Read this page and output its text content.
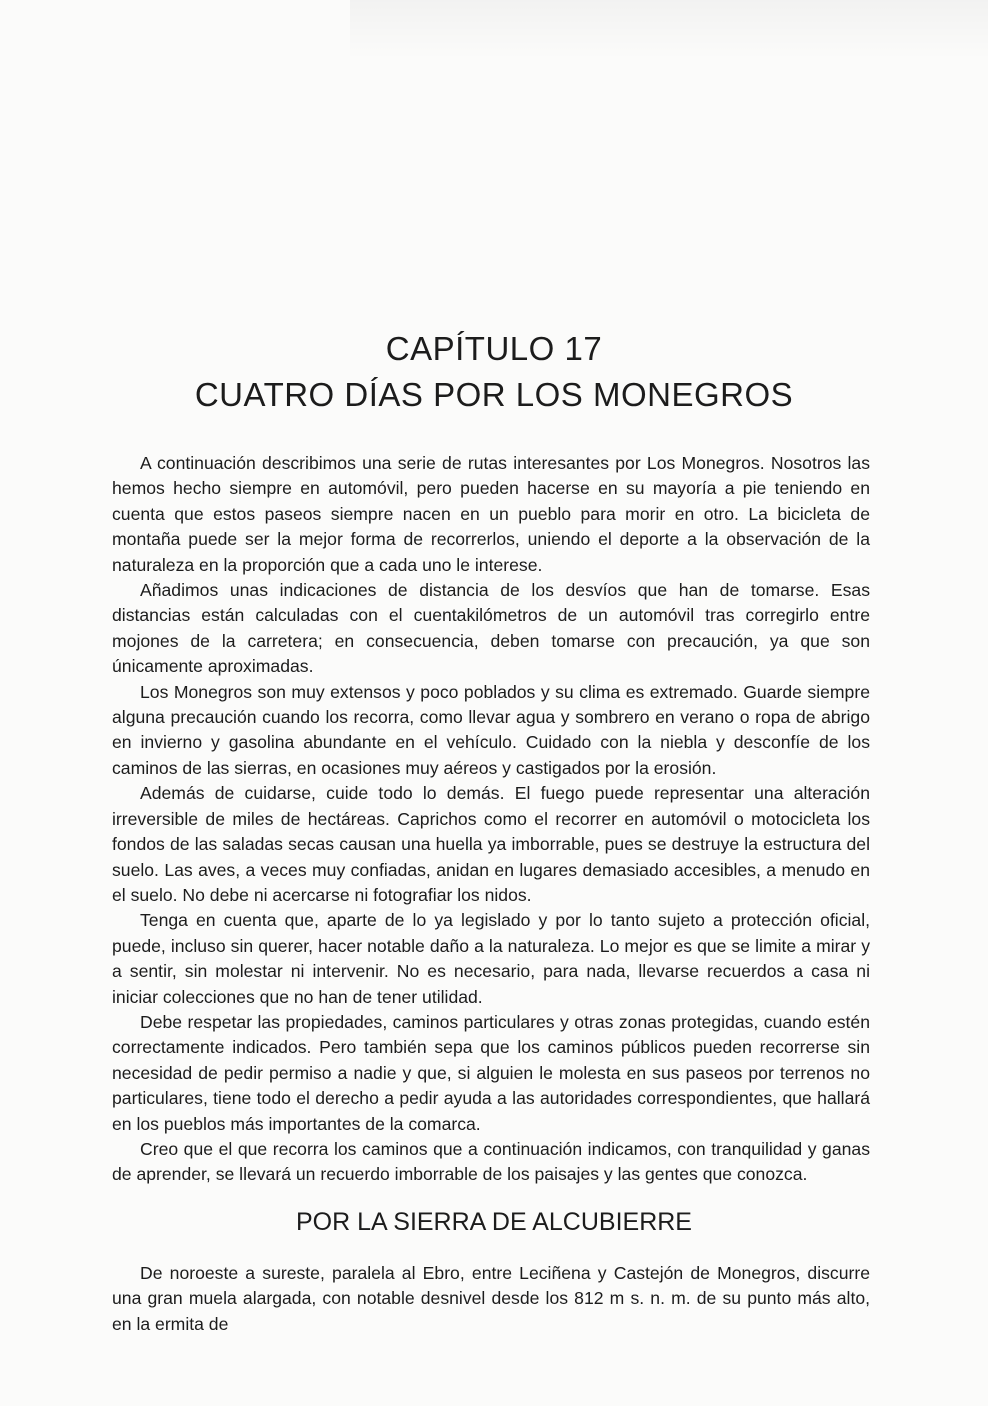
CAPÍTULO 17
CUATRO DÍAS POR LOS MONEGROS

A continuación describimos una serie de rutas interesantes por Los Monegros. Nosotros las hemos hecho siempre en automóvil, pero pueden hacerse en su mayoría a pie teniendo en cuenta que estos paseos siempre nacen en un pueblo para morir en otro. La bicicleta de montaña puede ser la mejor forma de recorrerlos, uniendo el deporte a la observación de la naturaleza en la proporción que a cada uno le interese.

Añadimos unas indicaciones de distancia de los desvíos que han de tomarse. Esas distancias están calculadas con el cuentakilómetros de un automóvil tras corregirlo entre mojones de la carretera; en consecuencia, deben tomarse con precaución, ya que son únicamente aproximadas.

Los Monegros son muy extensos y poco poblados y su clima es extremado. Guarde siempre alguna precaución cuando los recorra, como llevar agua y sombrero en verano o ropa de abrigo en invierno y gasolina abundante en el vehículo. Cuidado con la niebla y desconfíe de los caminos de las sierras, en ocasiones muy aéreos y castigados por la erosión.

Además de cuidarse, cuide todo lo demás. El fuego puede representar una alteración irreversible de miles de hectáreas. Caprichos como el recorrer en automóvil o motocicleta los fondos de las saladas secas causan una huella ya imborrable, pues se destruye la estructura del suelo. Las aves, a veces muy confiadas, anidan en lugares demasiado accesibles, a menudo en el suelo. No debe ni acercarse ni fotografiar los nidos.

Tenga en cuenta que, aparte de lo ya legislado y por lo tanto sujeto a protección oficial, puede, incluso sin querer, hacer notable daño a la naturaleza. Lo mejor es que se limite a mirar y a sentir, sin molestar ni intervenir. No es necesario, para nada, llevarse recuerdos a casa ni iniciar colecciones que no han de tener utilidad.

Debe respetar las propiedades, caminos particulares y otras zonas protegidas, cuando estén correctamente indicados. Pero también sepa que los caminos públicos pueden recorrerse sin necesidad de pedir permiso a nadie y que, si alguien le molesta en sus paseos por terrenos no particulares, tiene todo el derecho a pedir ayuda a las autoridades correspondientes, que hallará en los pueblos más importantes de la comarca.

Creo que el que recorra los caminos que a continuación indicamos, con tranquilidad y ganas de aprender, se llevará un recuerdo imborrable de los paisajes y las gentes que conozca.

POR LA SIERRA DE ALCUBIERRE

De noroeste a sureste, paralela al Ebro, entre Leciñena y Castejón de Monegros, discurre una gran muela alargada, con notable desnivel desde los 812 m s. n. m. de su punto más alto, en la ermita de
